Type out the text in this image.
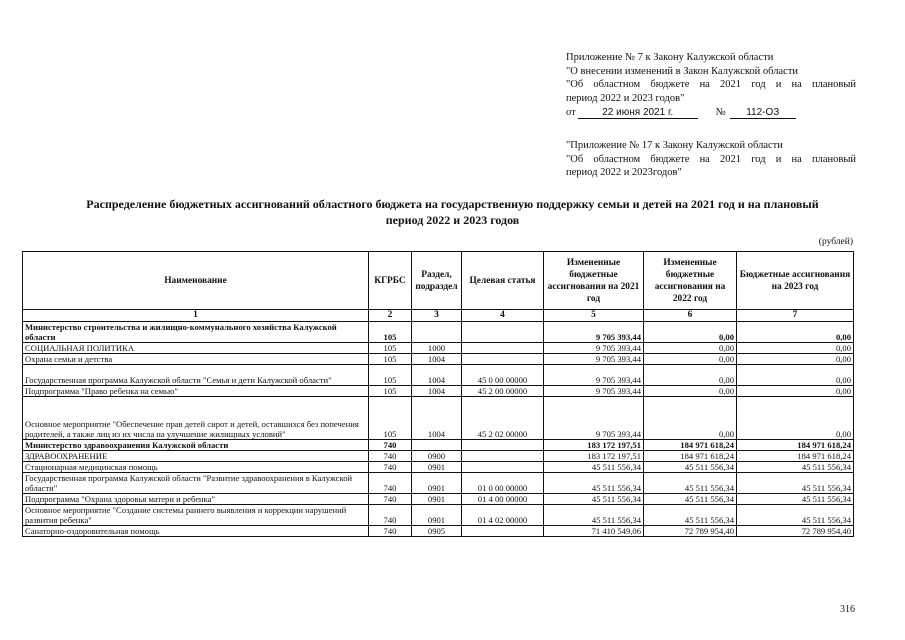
Приложение № 7 к Закону Калужской области
"О внесении изменений в Закон Калужской области
"Об областном бюджете на 2021 год и на плановый
период 2022 и 2023 годов"
от	22 июня 2021 г.	№	112-ОЗ
"Приложение № 17 к Закону Калужской области
"Об областном бюджете на 2021 год и на плановый
период 2022 и 2023годов"
Распределение бюджетных ассигнований областного бюджета на государственную поддержку семьи и детей на 2021 год и на плановый
период 2022 и 2023 годов
(рублей)
Наименование	КГРБС	Раздел, подраздел	Целевая статья	Измененные бюджетные ассигнования на 2021 год	Измененные бюджетные ассигнования на 2022 год	Бюджетные ассигнования на 2023 год
1	2	3	4	5	6	7
Министерство строительства и жилищно-коммунального хозяйства Калужской области	105			9 705 393,44	0,00	0,00
СОЦИАЛЬНАЯ ПОЛИТИКА	105	1000		9 705 393,44	0,00	0,00
Охрана семьи и детства	105	1004		9 705 393,44	0,00	0,00
Государственная программа Калужской области "Семья и дети Калужской области"	105	1004	45 0 00 00000	9 705 393,44	0,00	0,00
Подпрограмма "Право ребенка на семью"	105	1004	45 2 00 00000	9 705 393,44	0,00	0,00
Основное мероприятие "Обеспечение прав детей сирот и детей, оставшихся без попечения родителей, а также лиц из их числа на улучшение жилищных условий"	105	1004	45 2 02 00000	9 705 393,44	0,00	0,00
Министерство здравоохранения Калужской области	740			183 172 197,51	184 971 618,24	184 971 618,24
ЗДРАВООХРАНЕНИЕ	740	0900		183 172 197,51	184 971 618,24	184 971 618,24
Стационарная медицинская помощь	740	0901		45 511 556,34	45 511 556,34	45 511 556,34
Государственная программа Калужской области "Развитие здравоохранения в Калужской области"	740	0901	01 0 00 00000	45 511 556,34	45 511 556,34	45 511 556,34
Подпрограмма "Охрана здоровья матери и ребенка"	740	0901	01 4 00 00000	45 511 556,34	45 511 556,34	45 511 556,34
Основное мероприятие "Создание системы раннего выявления и коррекции нарушений развития ребенка"	740	0901	01 4 02 00000	45 511 556,34	45 511 556,34	45 511 556,34
Санаторно-оздоровительная помощь	740	0905		71 410 549,06	72 789 954,40	72 789 954,40
316
